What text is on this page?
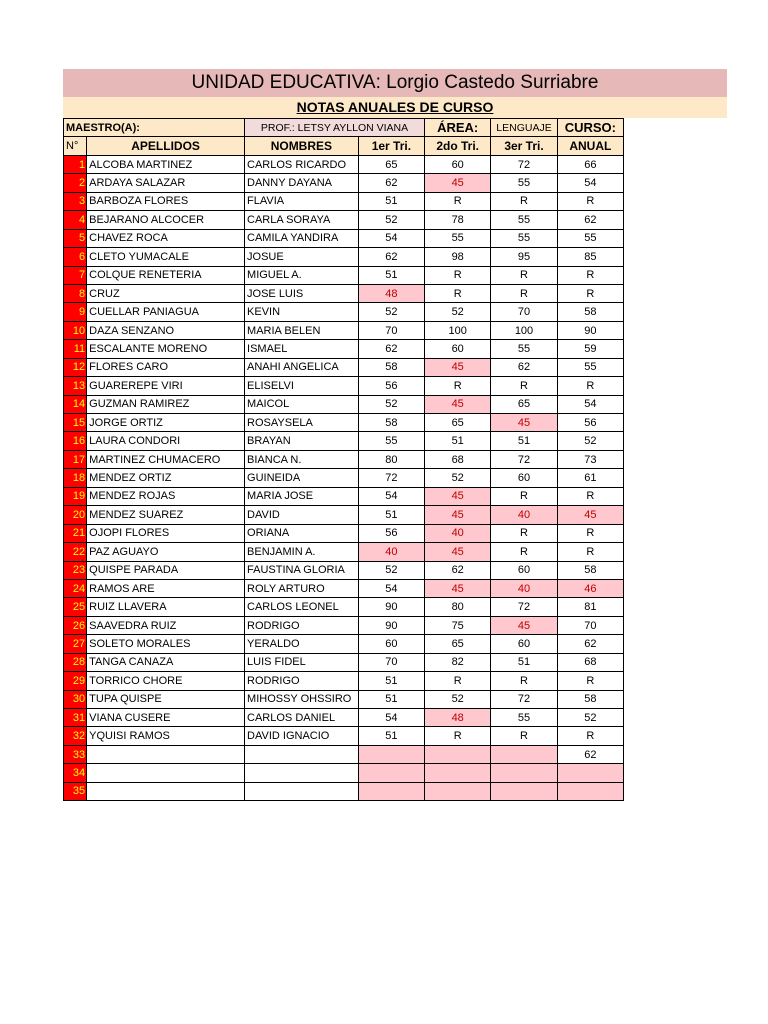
UNIDAD EDUCATIVA: Lorgio Castedo Surriabre
NOTAS ANUALES DE CURSO
MAESTRO(A):		PROF.: LETSY AYLLON VIANA		ÁREA:	LENGUAJE	CURSO:
N°	APELLIDOS	NOMBRES	1er Tri.	2do Tri.	3er Tri.	ANUAL
1	ALCOBA MARTINEZ	CARLOS RICARDO	65	60	72	66
2	ARDAYA SALAZAR	DANNY DAYANA	62	45	55	54
3	BARBOZA FLORES	FLAVIA	51	R	R	R
4	BEJARANO ALCOCER	CARLA SORAYA	52	78	55	62
5	CHAVEZ ROCA	CAMILA YANDIRA	54	55	55	55
6	CLETO YUMACALE	JOSUE	62	98	95	85
7	COLQUE RENETERIA	MIGUEL A.	51	R	R	R
8	CRUZ	JOSE LUIS	48	R	R	R
9	CUELLAR PANIAGUA	KEVIN	52	52	70	58
10	DAZA SENZANO	MARIA BELEN	70	100	100	90
11	ESCALANTE MORENO	ISMAEL	62	60	55	59
12	FLORES CARO	ANAHI ANGELICA	58	45	62	55
13	GUAREREPE VIRI	ELISELVI	56	R	R	R
14	GUZMAN RAMIREZ	MAICOL	52	45	65	54
15	JORGE ORTIZ	ROSAYSELA	58	65	45	56
16	LAURA CONDORI	BRAYAN	55	51	51	52
17	MARTINEZ CHUMACERO	BIANCA N.	80	68	72	73
18	MENDEZ ORTIZ	GUINEIDA	72	52	60	61
19	MENDEZ ROJAS	MARIA JOSE	54	45	R	R
20	MENDEZ SUAREZ	DAVID	51	45	40	45
21	OJOPI FLORES	ORIANA	56	40	R	R
22	PAZ AGUAYO	BENJAMIN A.	40	45	R	R
23	QUISPE PARADA	FAUSTINA GLORIA	52	62	60	58
24	RAMOS ARE	ROLY ARTURO	54	45	40	46
25	RUIZ LLAVERA	CARLOS LEONEL	90	80	72	81
26	SAAVEDRA RUIZ	RODRIGO	90	75	45	70
27	SOLETO MORALES	YERALDO	60	65	60	62
28	TANGA CANAZA	LUIS FIDEL	70	82	51	68
29	TORRICO CHORE	RODRIGO	51	R	R	R
30	TUPA QUISPE	MIHOSSY OHSSIRO	51	52	72	58
31	VIANA CUSERE	CARLOS DANIEL	54	48	55	52
32	YQUISI RAMOS	DAVID IGNACIO	51	R	R	R
33						62
34						
35						
